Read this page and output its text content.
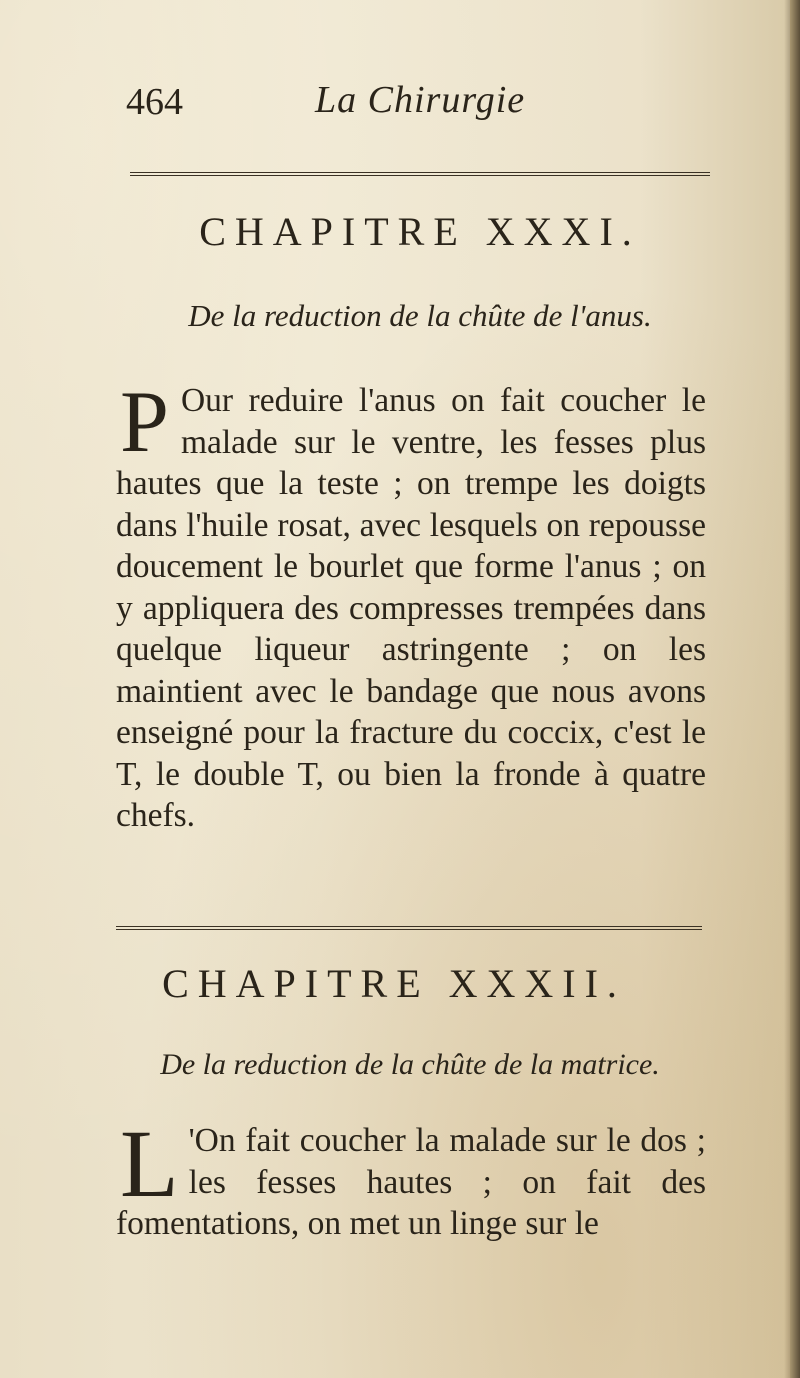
464	La Chirurgie
CHAPITRE XXXI.
De la reduction de la chûte de l'anus.
P Our reduire l'anus on fait coucher le malade sur le ventre, les fesses plus hautes que la teste ; on trempe les doigts dans l'huile rosat, avec lesquels on repousse doucement le bourlet que forme l'anus ; on y appliquera des compresses trempées dans quelque liqueur astringente ; on les maintient avec le bandage que nous avons enseigné pour la fracture du coccix, c'est le T, le double T, ou bien la fronde à quatre chefs.
CHAPITRE XXXII.
De la reduction de la chûte de la matrice.
L 'On fait coucher la malade sur le dos ; les fesses hautes ; on fait des fomentations, on met un linge sur le
